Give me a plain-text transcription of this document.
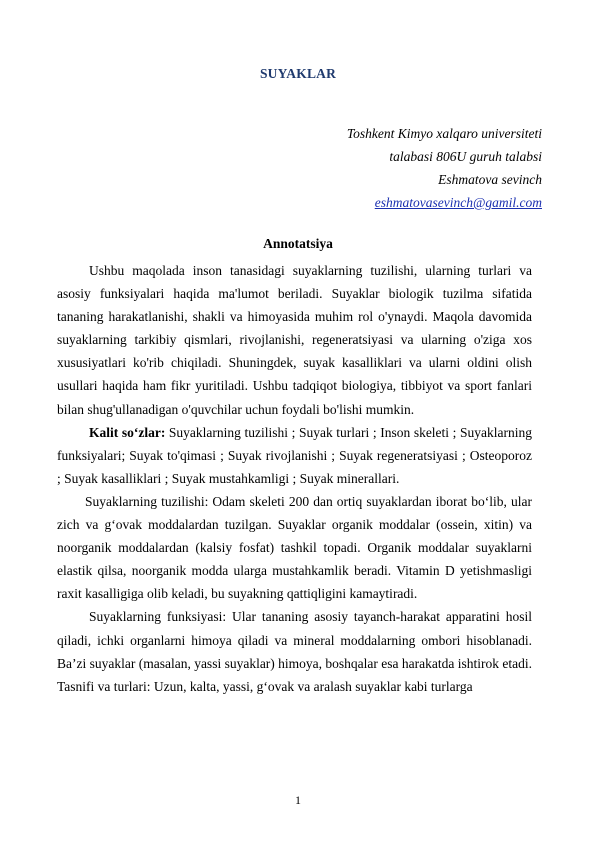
SUYAKLAR
Toshkent Kimyo xalqaro universiteti
talabasi 806U guruh talabsi
Eshmatova sevinch
eshmatovasevinch@gamil.com
Annotatsiya

Ushbu maqolada inson tanasidagi suyaklarning tuzilishi, ularning turlari va asosiy funksiyalari haqida ma'lumot beriladi. Suyaklar biologik tuzilma sifatida tananing harakatlanishi, shakli va himoyasida muhim rol o'ynaydi. Maqola davomida suyaklarning tarkibiy qismlari, rivojlanishi, regeneratsiyasi va ularning o'ziga xos xususiyatlari ko'rib chiqiladi. Shuningdek, suyak kasalliklari va ularni oldini olish usullari haqida ham fikr yuritiladi. Ushbu tadqiqot biologiya, tibbiyot va sport fanlari bilan shug'ullanadigan o'quvchilar uchun foydali bo'lishi mumkin.

Kalit so‘zlar: Suyaklarning tuzilishi ; Suyak turlari ; Inson skeleti ; Suyaklarning funksiyalari; Suyak to'qimasi ; Suyak rivojlanishi ; Suyak regeneratsiyasi ; Osteoporoz ; Suyak kasalliklari ; Suyak mustahkamligi ; Suyak minerallari.

Suyaklarning tuzilishi: Odam skeleti 200 dan ortiq suyaklardan iborat bo‘lib, ular zich va g‘ovak moddalardan tuzilgan. Suyaklar organik moddalar (ossein, xitin) va noorganik moddalardan (kalsiy fosfat) tashkil topadi. Organik moddalar suyaklarni elastik qilsa, noorganik modda ularga mustahkamlik beradi. Vitamin D yetishmasligi raxit kasalligiga olib keladi, bu suyakning qattiqligini kamaytiradi.

Suyaklarning funksiyasi: Ular tananing asosiy tayanch-harakat apparatini hosil qiladi, ichki organlarni himoya qiladi va mineral moddalarning ombori hisoblanadi. Ba’zi suyaklar (masalan, yassi suyaklar) himoya, boshqalar esa harakatda ishtirok etadi.

Tasnifi va turlari: Uzun, kalta, yassi, g‘ovak va aralash suyaklar kabi turlarga

1
